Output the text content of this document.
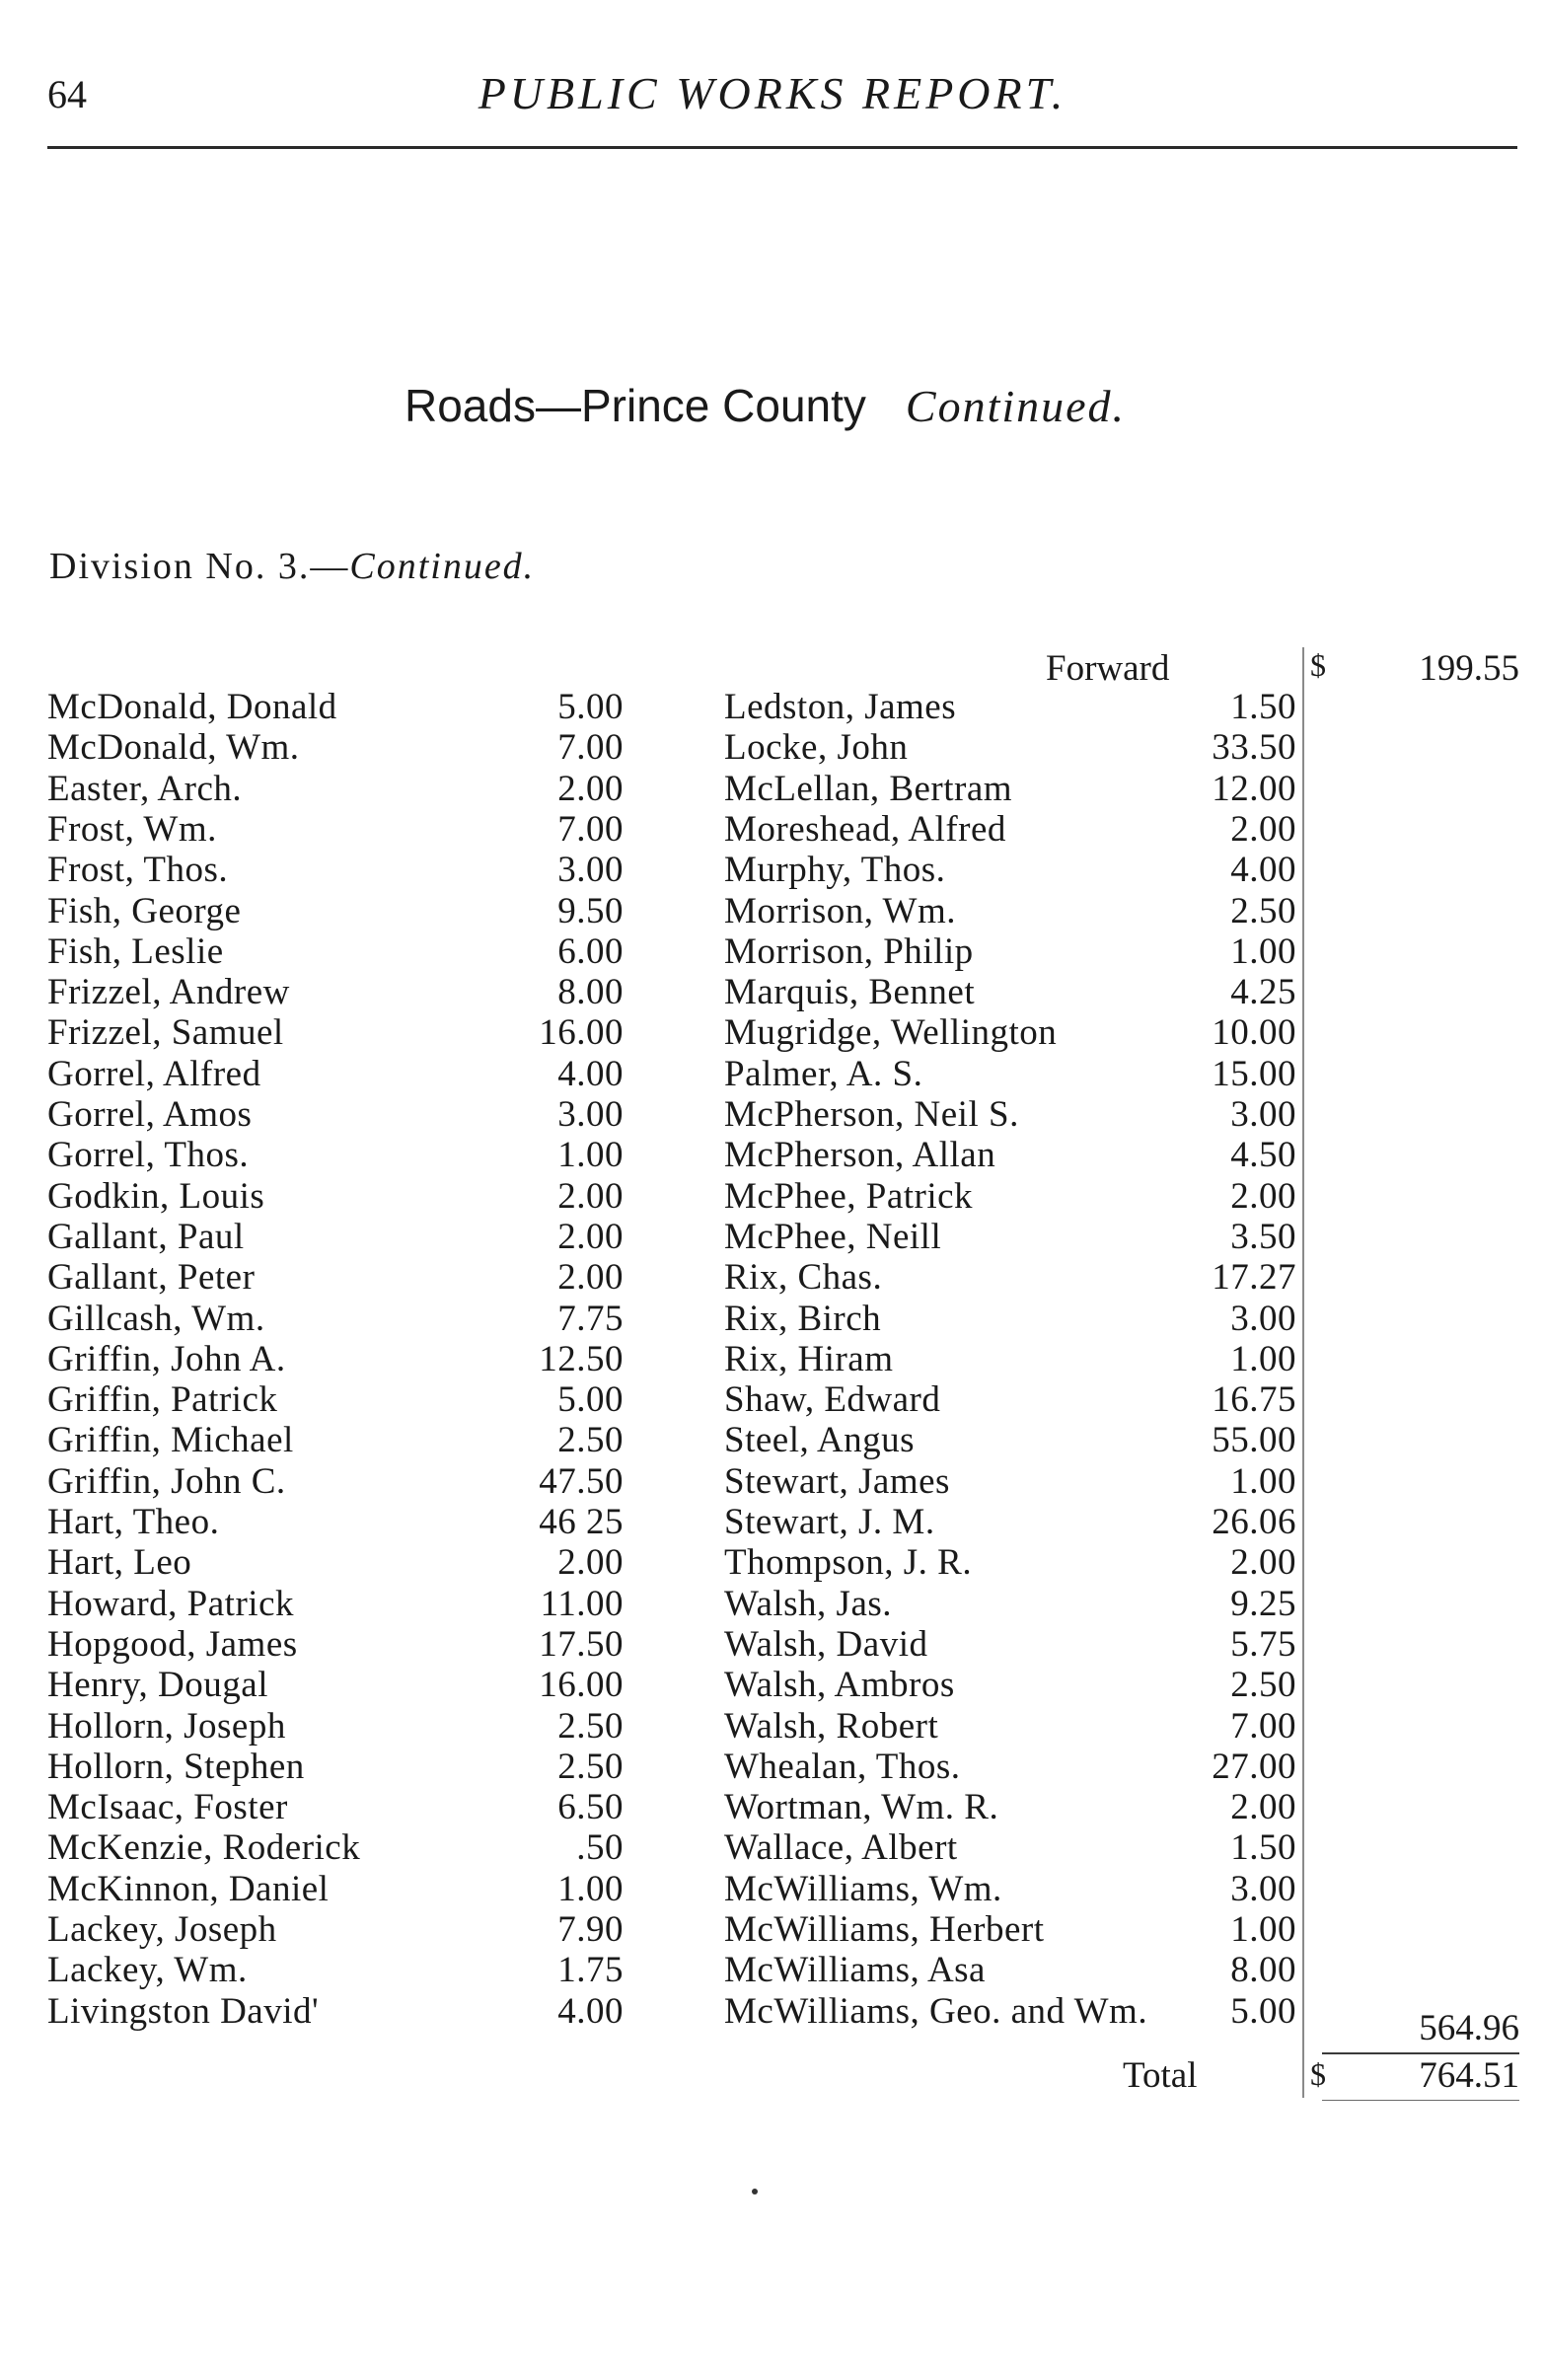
64	PUBLIC WORKS REPORT.
Roads—Prince County Continued.
Division No. 3.—Continued.
Forward	$	199.55
McDonald, Donald	5.00
McDonald, Wm.	7.00
Easter, Arch.	2.00
Frost, Wm.	7.00
Frost, Thos.	3.00
Fish, George	9.50
Fish, Leslie	6.00
Frizzel, Andrew	8.00
Frizzel, Samuel	16.00
Gorrel, Alfred	4.00
Gorrel, Amos	3.00
Gorrel, Thos.	1.00
Godkin, Louis	2.00
Gallant, Paul	2.00
Gallant, Peter	2.00
Gillcash, Wm.	7.75
Griffin, John A.	12.50
Griffin, Patrick	5.00
Griffin, Michael	2.50
Griffin, John C.	47.50
Hart, Theo.	46 25
Hart, Leo	2.00
Howard, Patrick	11.00
Hopgood, James	17.50
Henry, Dougal	16.00
Hollorn, Joseph	2.50
Hollorn, Stephen	2.50
McIsaac, Foster	6.50
McKenzie, Roderick	.50
McKinnon, Daniel	1.00
Lackey, Joseph	7.90
Lackey, Wm.	1.75
Livingston David'	4.00
Ledston, James	1.50
Locke, John	33.50
McLellan, Bertram	12.00
Moreshead, Alfred	2.00
Murphy, Thos.	4.00
Morrison, Wm.	2.50
Morrison, Philip	1.00
Marquis, Bennet	4.25
Mugridge, Wellington	10.00
Palmer, A. S.	15.00
McPherson, Neil S.	3.00
McPherson, Allan	4.50
McPhee, Patrick	2.00
McPhee, Neill	3.50
Rix, Chas.	17.27
Rix, Birch	3.00
Rix, Hiram	1.00
Shaw, Edward	16.75
Steel, Angus	55.00
Stewart, James	1.00
Stewart, J. M.	26.06
Thompson, J. R.	2.00
Walsh, Jas.	9.25
Walsh, David	5.75
Walsh, Ambros	2.50
Walsh, Robert	7.00
Whealan, Thos.	27.00
Wortman, Wm. R.	2.00
Wallace, Albert	1.50
McWilliams, Wm.	3.00
McWilliams, Herbert	1.00
McWilliams, Asa	8.00
McWilliams, Geo. and Wm.	5.00	564.96
Total	$	764.51
